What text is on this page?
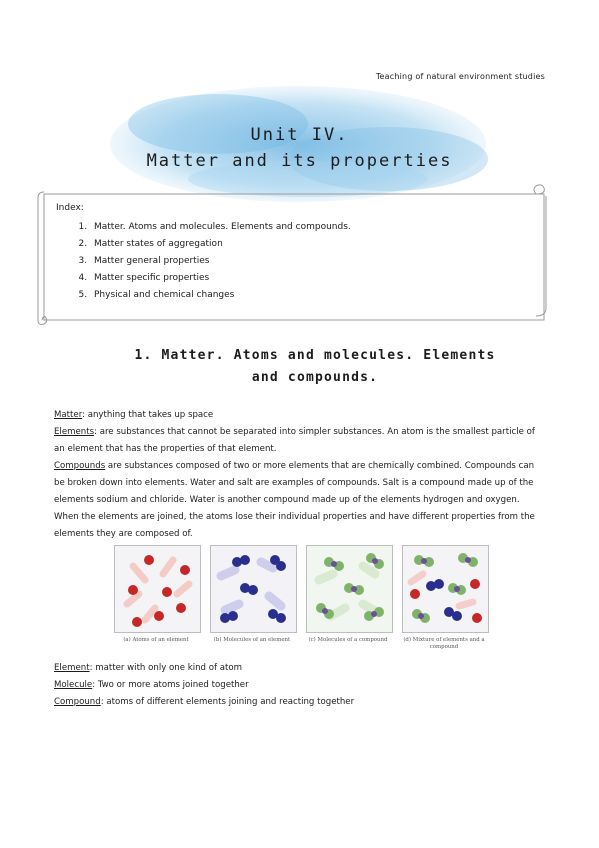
Teaching of natural environment studies
Unit IV.
Matter and its properties
Index:
1. Matter. Atoms and molecules. Elements and compounds.
2. Matter states of aggregation
3. Matter general properties
4. Matter specific properties
5. Physical and chemical changes
1. Matter. Atoms and molecules. Elements and compounds.

Matter: anything that takes up space

Elements: are substances that cannot be separated into simpler substances. An atom is the smallest particle of an element that has the properties of that element.

Compounds are substances composed of two or more elements that are chemically combined. Compounds can be broken down into elements. Water and salt are examples of compounds. Salt is a compound made up of the elements sodium and chloride. Water is another compound made up of the elements hydrogen and oxygen. When the elements are joined, the atoms lose their individual properties and have different properties from the elements they are composed of.

(a) Atoms of an element	(b) Molecules of an element	(c) Molecules of a compound	(d) Mixture of elements and a compound

Element: matter with only one kind of atom

Molecule: Two or more atoms joined together

Compound: atoms of different elements joining and reacting together
